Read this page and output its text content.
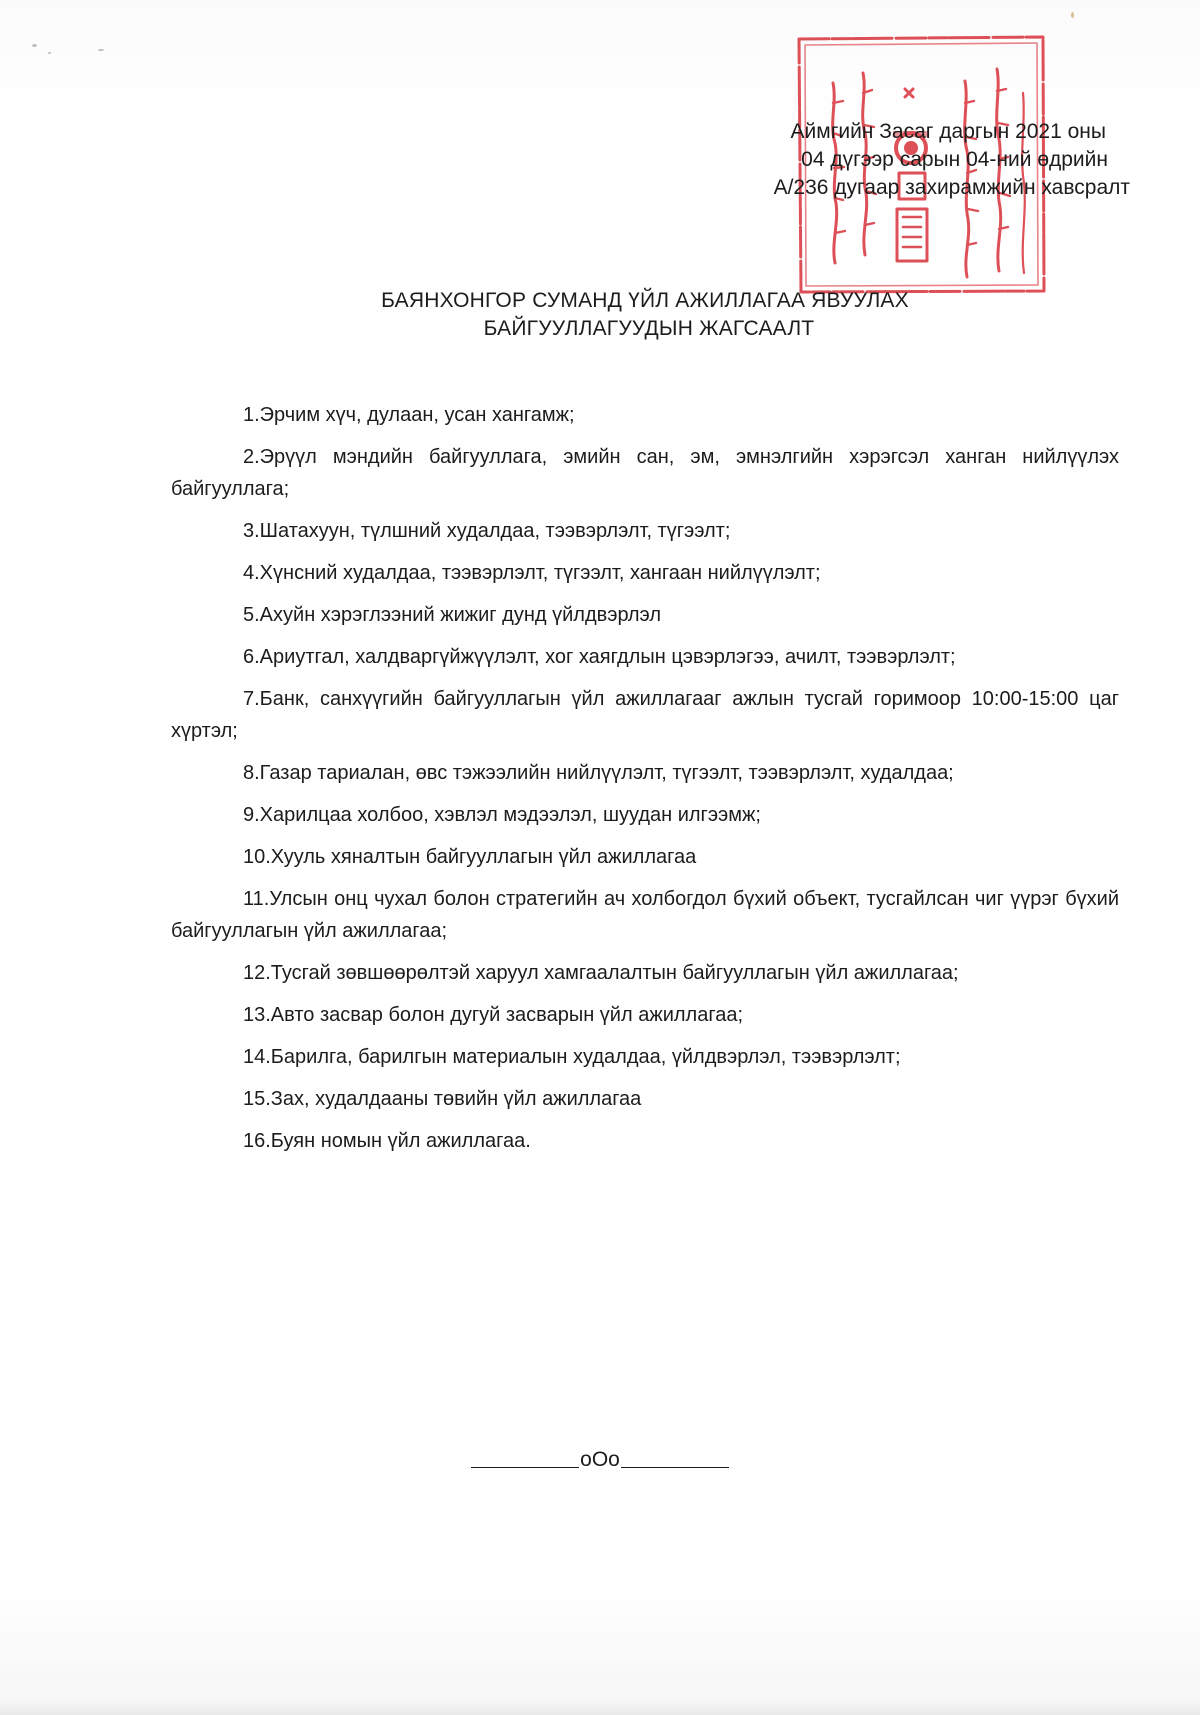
Аймгийн Засаг даргын 2021 оны
04 дүгээр сарын 04-ний өдрийн
А/236 дугаар захирамжийн хавсралт
БАЯНХОНГОР СУМАНД ҮЙЛ АЖИЛЛАГАА ЯВУУЛАХ
БАЙГУУЛЛАГУУДЫН ЖАГСААЛТ
1.Эрчим хүч, дулаан, усан хангамж;
2.Эрүүл мэндийн байгууллага, эмийн сан, эм, эмнэлгийн хэрэгсэл ханган нийлүүлэх байгууллага;
3.Шатахуун, түлшний худалдаа, тээвэрлэлт, түгээлт;
4.Хүнсний худалдаа, тээвэрлэлт, түгээлт, хангаан нийлүүлэлт;
5.Ахуйн хэрэглээний жижиг дунд үйлдвэрлэл
6.Ариутгал, халдваргүйжүүлэлт, хог хаягдлын цэвэрлэгээ, ачилт, тээвэрлэлт;
7.Банк, санхүүгийн байгууллагын үйл ажиллагааг ажлын тусгай горимоор 10:00-15:00 цаг хүртэл;
8.Газар тариалан, өвс тэжээлийн нийлүүлэлт, түгээлт, тээвэрлэлт, худалдаа;
9.Харилцаа холбоо, хэвлэл мэдээлэл, шуудан илгээмж;
10.Хууль хяналтын байгууллагын үйл ажиллагаа
11.Улсын онц чухал болон стратегийн ач холбогдол бүхий объект, тусгайлсан чиг үүрэг бүхий байгууллагын үйл ажиллагаа;
12.Тусгай зөвшөөрөлтэй харуул хамгаалалтын байгууллагын үйл ажиллагаа;
13.Авто засвар болон дугуй засварын үйл ажиллагаа;
14.Барилга, барилгын материалын худалдаа, үйлдвэрлэл, тээвэрлэлт;
15.Зах, худалдааны төвийн үйл ажиллагаа
16.Буян номын үйл ажиллагаа.
oOo
